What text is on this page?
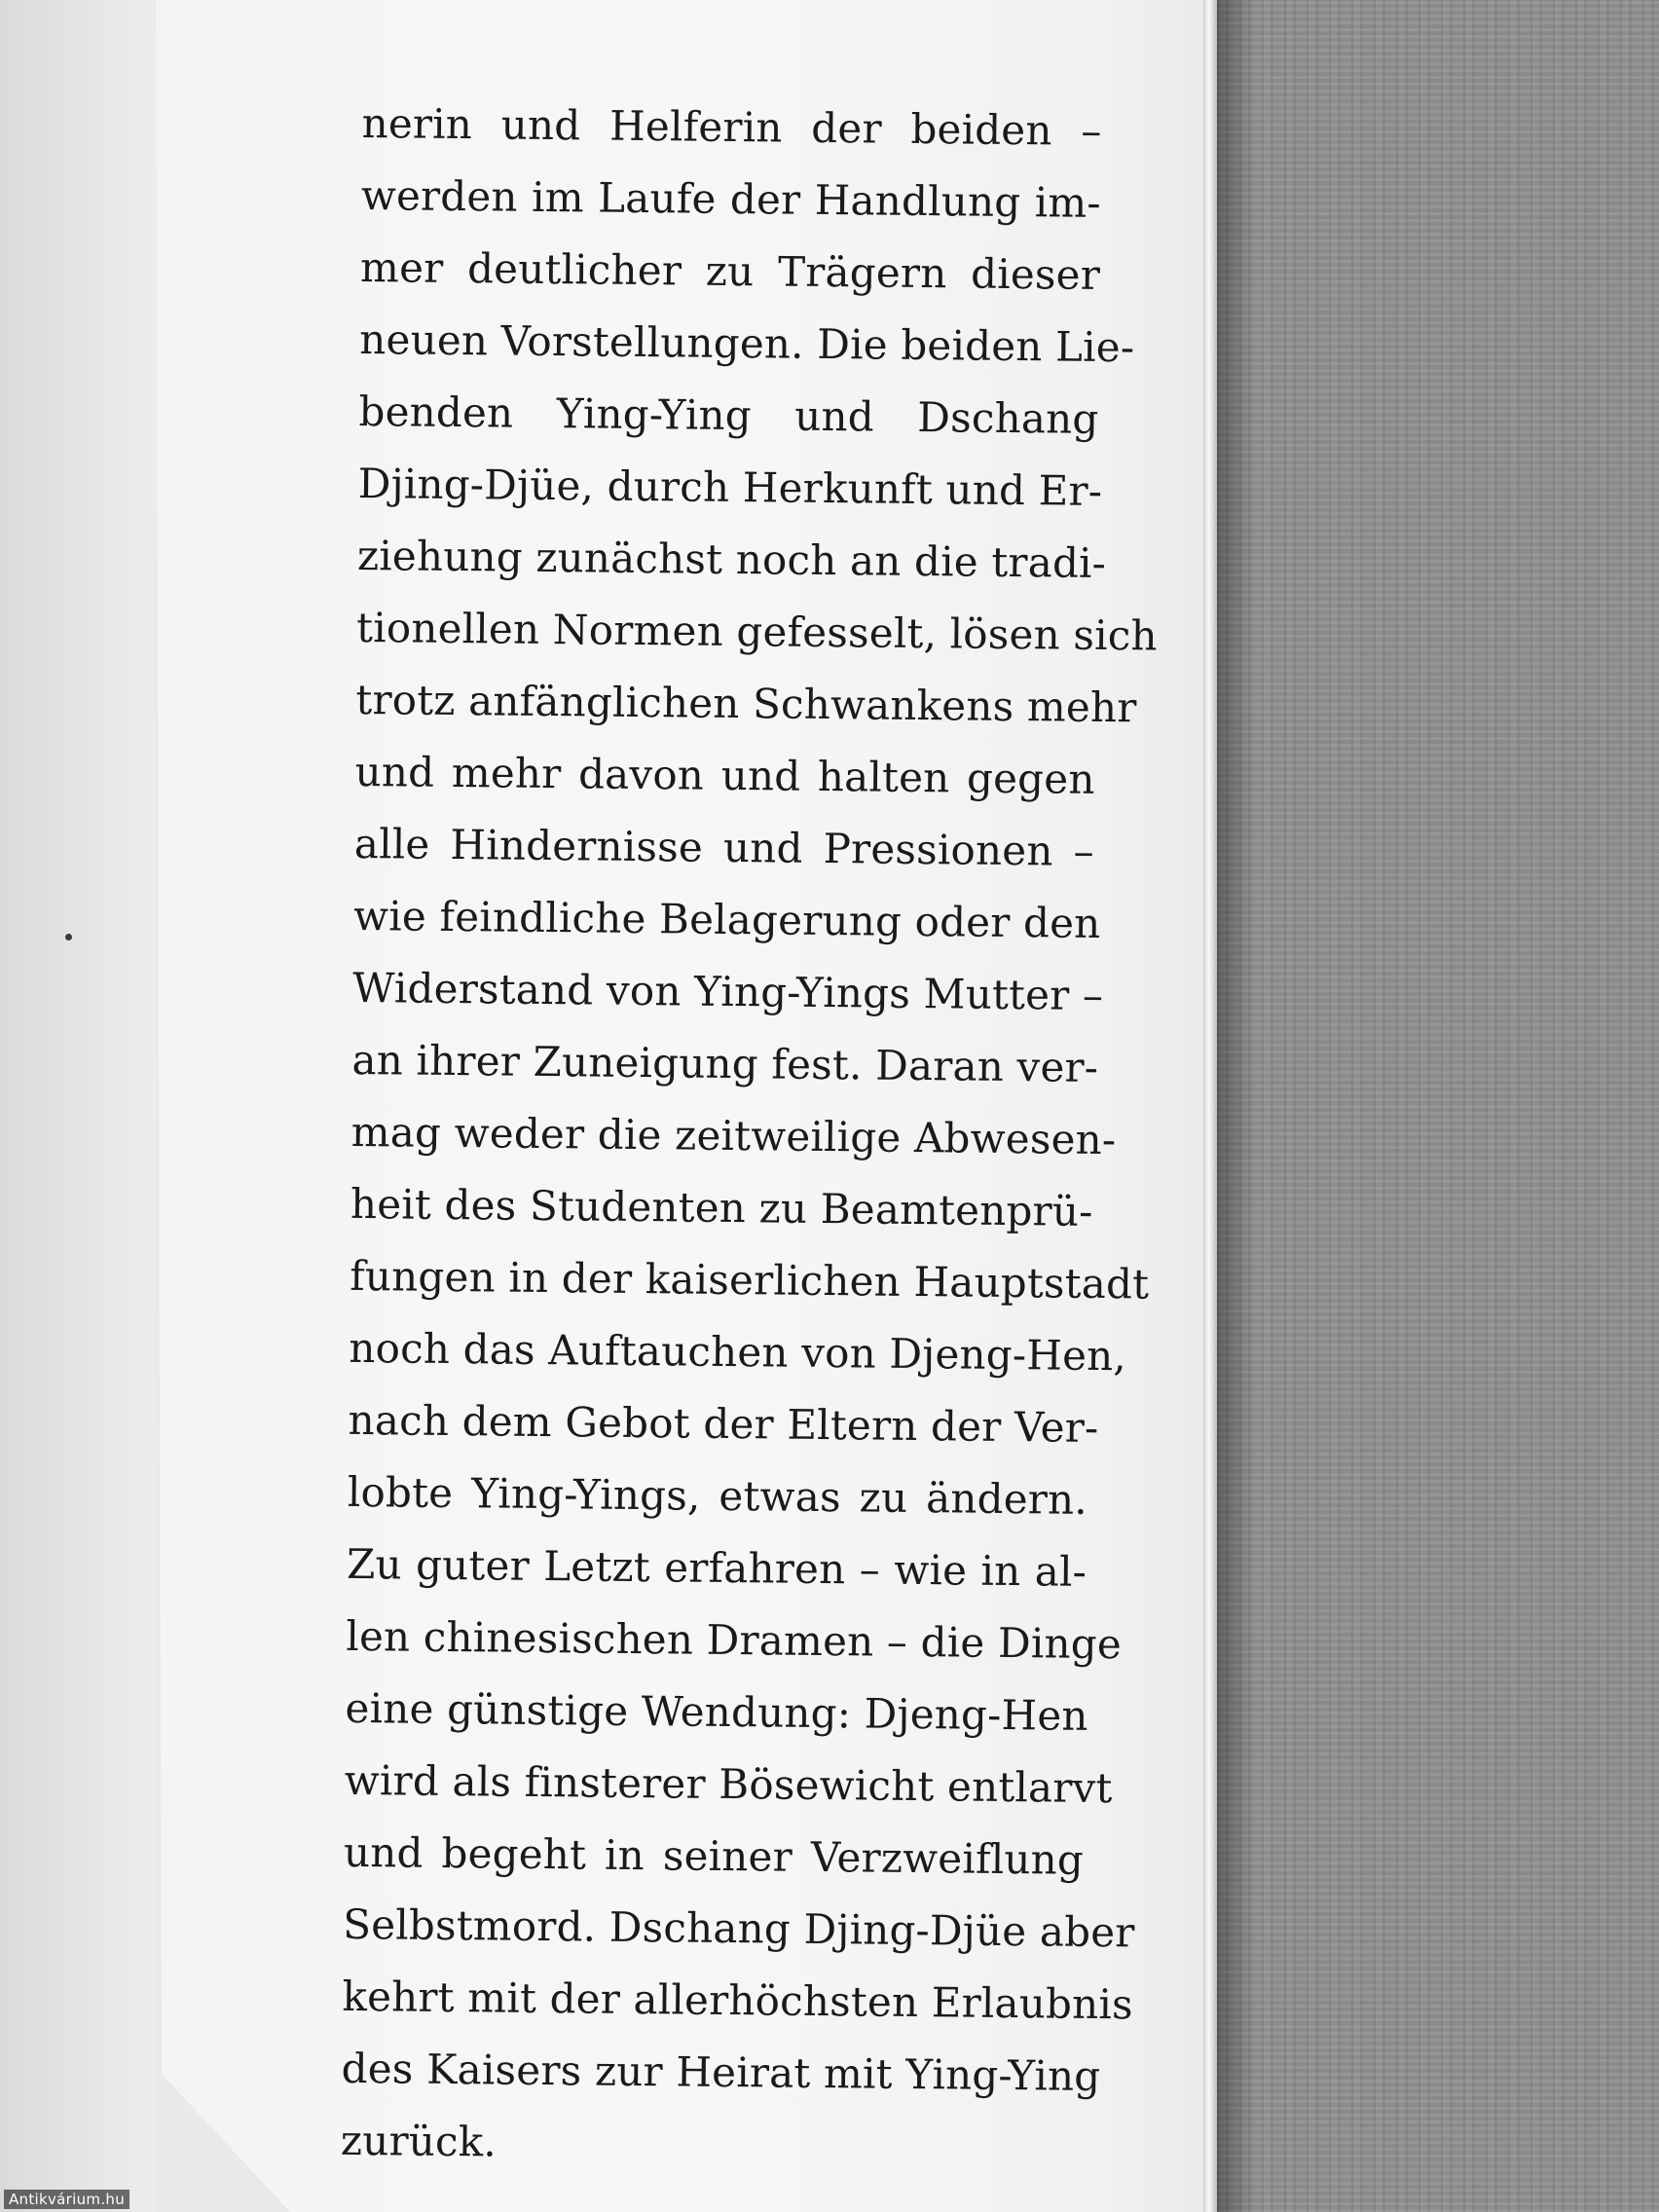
nerin und Helferin der beiden –
werden im Laufe der Handlung im-
mer deutlicher zu Trägern dieser
neuen Vorstellungen. Die beiden Lie-
benden Ying-Ying und Dschang
Djing-Djüe, durch Herkunft und Er-
ziehung zunächst noch an die tradi-
tionellen Normen gefesselt, lösen sich
trotz anfänglichen Schwankens mehr
und mehr davon und halten gegen
alle Hindernisse und Pressionen –
wie feindliche Belagerung oder den
Widerstand von Ying-Yings Mutter –
an ihrer Zuneigung fest. Daran ver-
mag weder die zeitweilige Abwesen-
heit des Studenten zu Beamtenprü-
fungen in der kaiserlichen Hauptstadt
noch das Auftauchen von Djeng-Hen,
nach dem Gebot der Eltern der Ver-
lobte Ying-Yings, etwas zu ändern.
Zu guter Letzt erfahren – wie in al-
len chinesischen Dramen – die Dinge
eine günstige Wendung: Djeng-Hen
wird als finsterer Bösewicht entlarvt
und begeht in seiner Verzweiflung
Selbstmord. Dschang Djing-Djüe aber
kehrt mit der allerhöchsten Erlaubnis
des Kaisers zur Heirat mit Ying-Ying
zurück.
Antikvárium.hu
